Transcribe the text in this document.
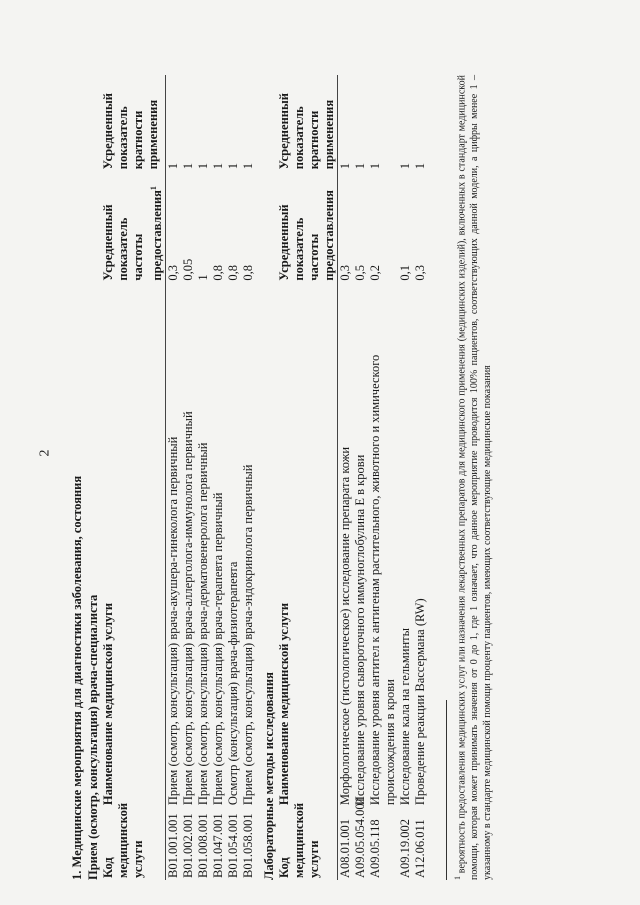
2
1. Медицинские мероприятия для диагностики заболевания, состояния Прием (осмотр, консультация) врача-специалиста Код медицинской услуги	Наименование медицинской услуги	Усредненный показатель частоты предоставления$^1$	Усредненный показатель кратности применения
B01.001.001	Прием (осмотр, консультация) врача-акушера-гинеколога первичный	0,3	1
B01.002.001	Прием (осмотр, консультация) врача-аллерголога-иммунолога первичный	0,05	1
B01.008.001	Прием (осмотр, консультация) врача-дерматовенеролога первичный	1	1
B01.047.001	Прием (осмотр, консультация) врача-терапевта первичный	0,8	1
B01.054.001	Осмотр (консультация) врача-физиотерапевта	0,8	1
B01.058.001	Прием (осмотр, консультация) врача-эндокринолога первичный	0,8	1
Лабораторные методы исследования Код медицинской услуги	Наименование медицинской услуги	Усредненный показатель частоты предоставления	Усредненный показатель кратности применения
A08.01.001	Морфологическое (гистологическое) исследование препарата кожи	0,3	1
A09.05.054.001	Исследование уровня сывороточного иммуноглобулина Е в крови	0,5	1
A09.05.118	Исследование уровня антител к антигенам растительного, животного и химического происхождения в крови	0,2	1
A09.19.002	Исследование кала на гельминты	0,1	1
A12.06.011	Проведение реакции Вассермана (RW)	0,3	1
$^1$ вероятность предоставления медицинских услуг или назначения лекарственных препаратов для медицинского применения (медицинских изделий), включенных в стандарт медицинской помощи, которая может принимать значения от 0 до 1, где 1 означает, что данное мероприятие проводится 100% пациентов, соответствующих данной модели, а цифры менее 1 – указанному в стандарте медицинской помощи проценту пациентов, имеющих соответствующие медицинские показания
